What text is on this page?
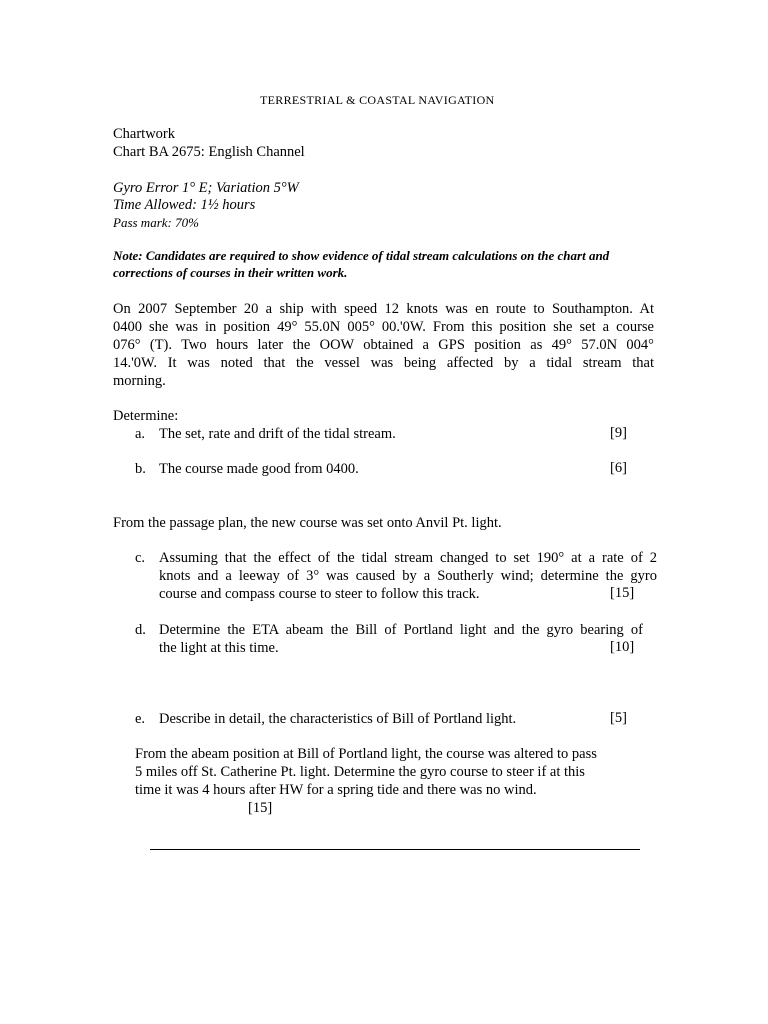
TERRESTRIAL & COASTAL NAVIGATION
Chartwork
Chart BA 2675: English Channel
Gyro Error 1° E; Variation 5°W
Time Allowed: 1½ hours
Pass mark: 70%
Note: Candidates are required to show evidence of tidal stream calculations on the chart and
corrections of courses in their written work.
On 2007 September 20 a ship with speed 12 knots was en route to Southampton. At
0400 she was in position 49° 55.0N 005° 00.'0W. From this position she set a course
076° (T). Two hours later the OOW obtained a GPS position as 49° 57.0N 004°
14.'0W. It was noted that the vessel was being affected by a tidal stream that
morning.
Determine:
a. The set, rate and drift of the tidal stream.	[9]
b. The course made good from 0400.	[6]
From the passage plan, the new course was set onto Anvil Pt. light.
c. Assuming that the effect of the tidal stream changed to set 190° at a rate of 2
knots and a leeway of 3° was caused by a Southerly wind; determine the gyro
course and compass course to steer to follow this track.	[15]
d. Determine the ETA abeam the Bill of Portland light and the gyro bearing of
the light at this time.	[10]
e. Describe in detail, the characteristics of Bill of Portland light.	[5]
From the abeam position at Bill of Portland light, the course was altered to pass
5 miles off St. Catherine Pt. light. Determine the gyro course to steer if at this
time it was 4 hours after HW for a spring tide and there was no wind.
[15]
